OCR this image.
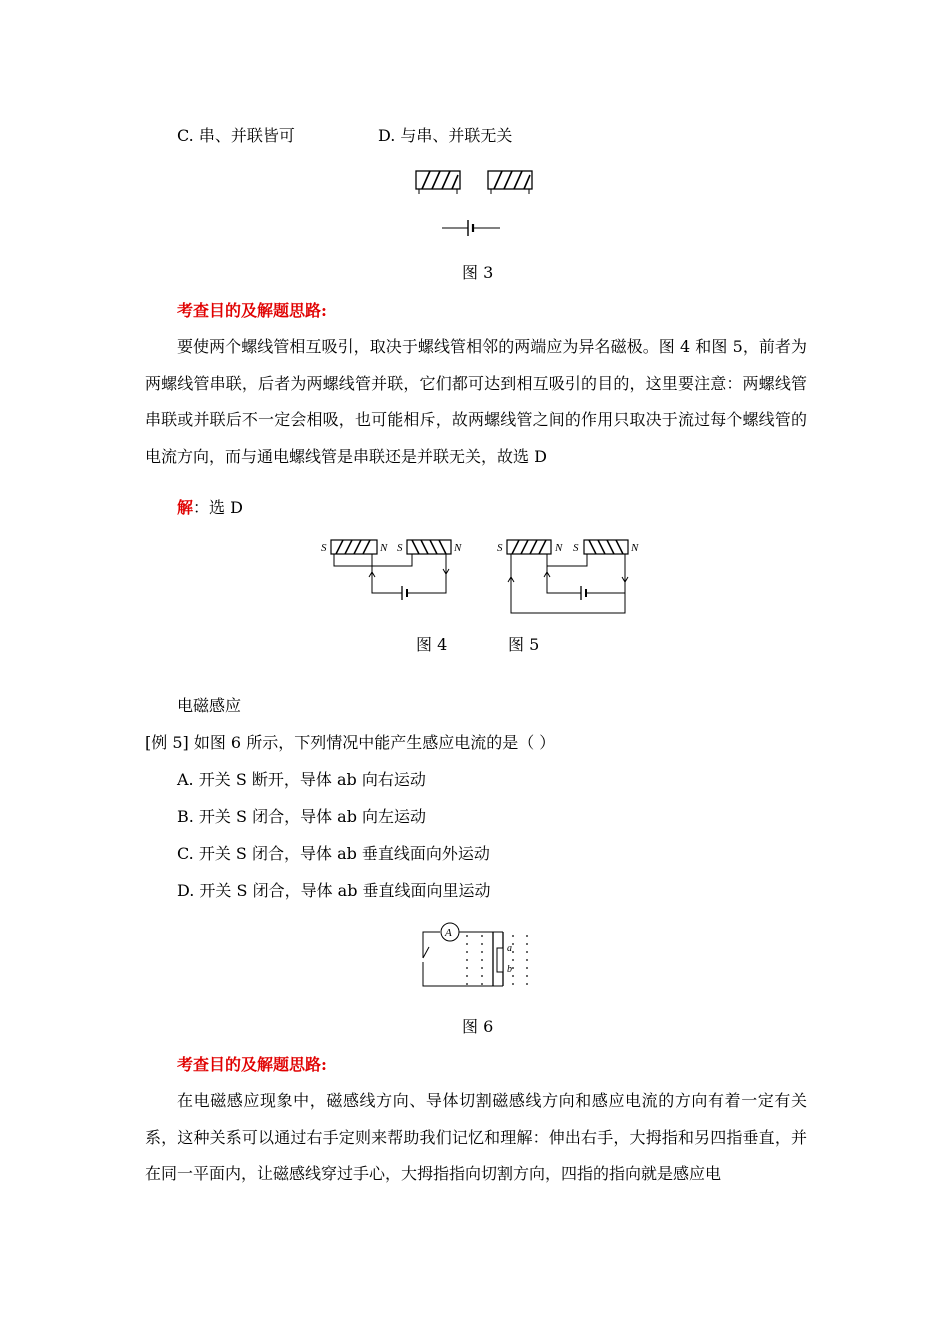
C. 串、并联皆可	D. 与串、并联无关
图 3
考查目的及解题思路:
要使两个螺线管相互吸引，取决于螺线管相邻的两端应为异名磁极。图 4 和图 5，前者为两螺线管串联，后者为两螺线管并联，它们都可达到相互吸引的目的，这里要注意：两螺线管串联或并联后不一定会相吸，也可能相斥，故两螺线管之间的作用只取决于流过每个螺线管的电流方向，而与通电螺线管是串联还是并联无关，故选 D
解：选 D
S	N S	N
图 4
S	N S	N
图 5
电磁感应
[例 5] 如图 6 所示，下列情况中能产生感应电流的是（ ）
A. 开关 S 断开，导体 ab 向右运动
B. 开关 S 闭合，导体 ab 向左运动
C. 开关 S 闭合，导体 ab 垂直线面向外运动
D. 开关 S 闭合，导体 ab 垂直线面向里运动
A
a
b
图 6
考查目的及解题思路:
在电磁感应现象中，磁感线方向、导体切割磁感线方向和感应电流的方向有着一定有关系，这种关系可以通过右手定则来帮助我们记忆和理解：伸出右手，大拇指和另四指垂直，并在同一平面内，让磁感线穿过手心，大拇指指向切割方向，四指的指向就是感应电
